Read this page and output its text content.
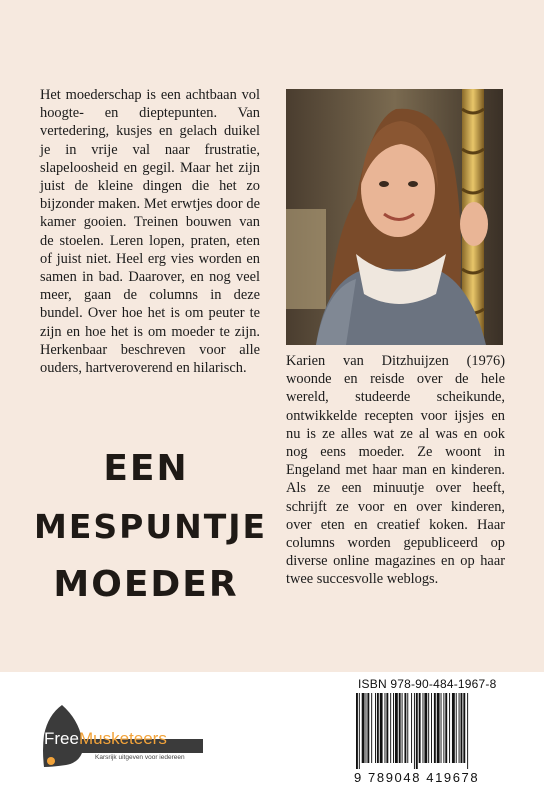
Het moederschap is een achtbaan vol hoogte- en dieptepunten. Van vertedering, kusjes en gelach duikel je in vrije val naar frustratie, slapeloosheid en gegil. Maar het zijn juist de kleine dingen die het zo bijzonder maken. Met erwtjes door de kamer gooien. Treinen bouwen van de stoelen. Leren lopen, praten, eten of juist niet. Heel erg vies worden en samen in bad. Daarover, en nog veel meer, gaan de columns in deze bundel. Over hoe het is om peuter te zijn en hoe het is om moeder te zijn. Herkenbaar beschreven voor alle ouders, hartveroverend en hilarisch.	Karien van Ditzhuijzen (1976) woonde en reisde over de hele wereld, studeerde scheikunde, ontwikkelde recepten voor ijsjes en nu is ze alles wat ze al was en ook nog eens moeder. Ze woont in Engeland met haar man en kinderen. Als ze een minuutje over heeft, schrijft ze voor en over kinderen, over eten en creatief koken. Haar columns worden gepubliceerd op diverse online magazines en op haar twee succesvolle weblogs.

EEN
MESPUNTJE
MOEDER
FreeMusketeers
Karsrijk uitgeven voor iedereen
ISBN 978-90-484-1967-8
9 789048 419678
